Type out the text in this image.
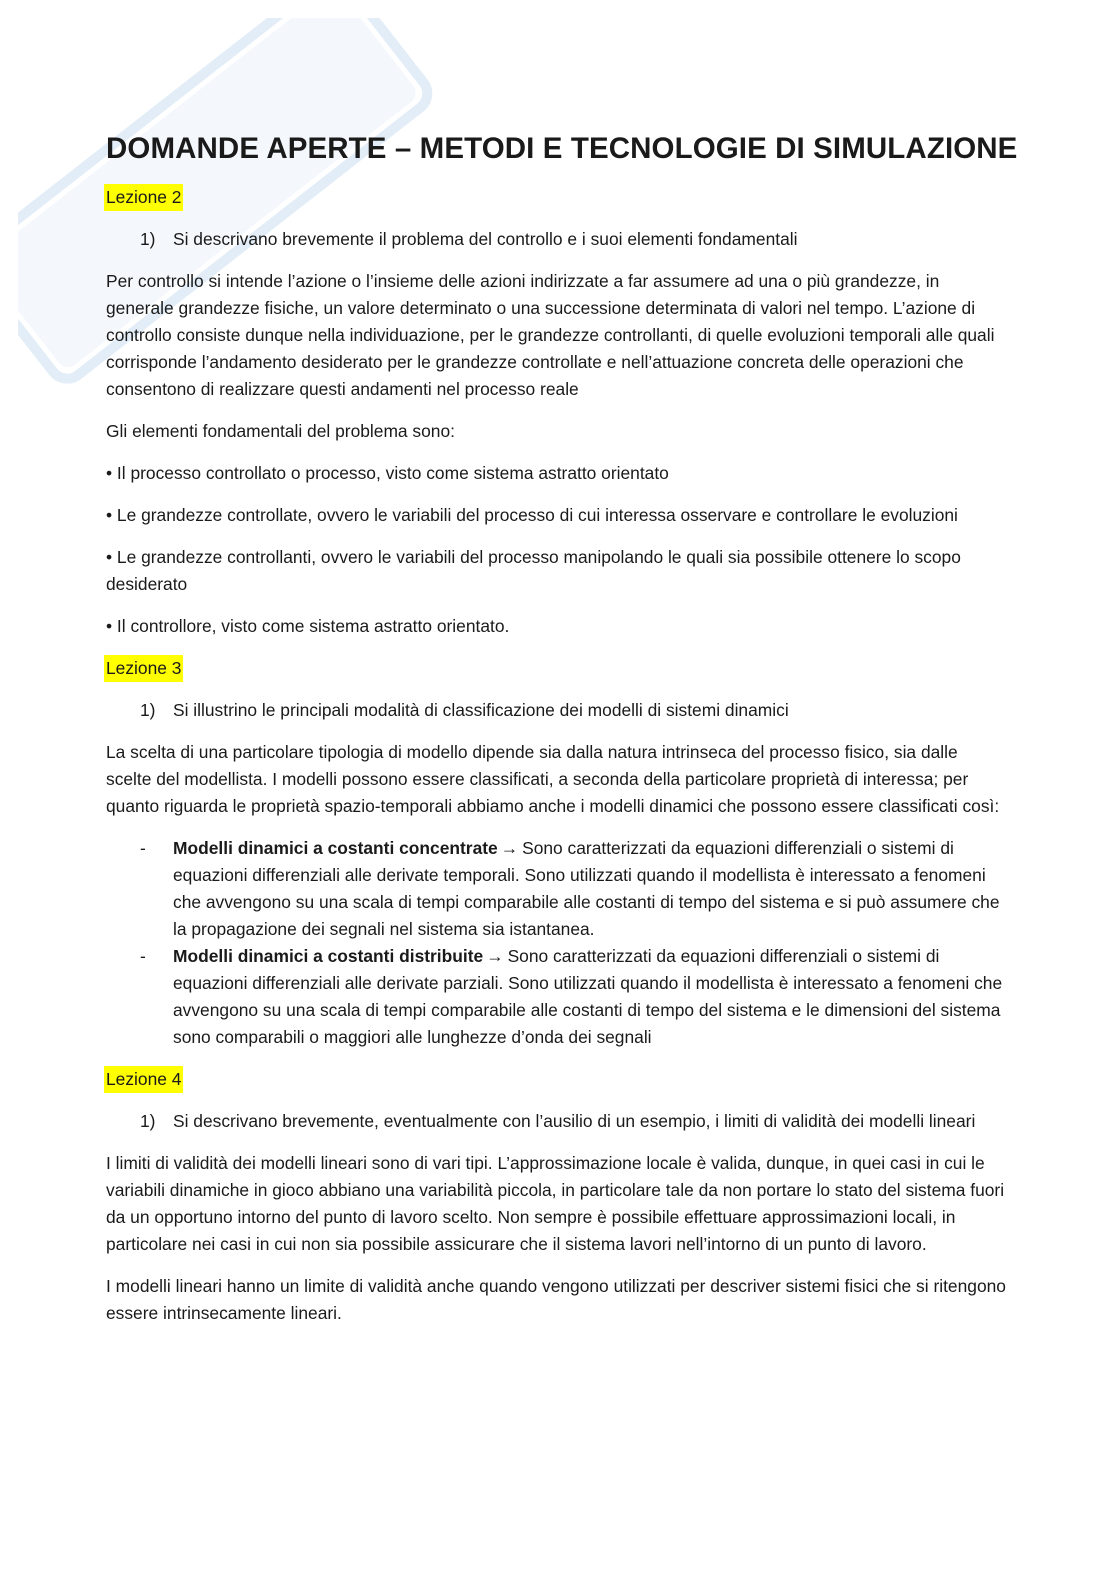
DOMANDE APERTE – METODI E TECNOLOGIE DI SIMULAZIONE
Lezione 2
1)	Si descrivano brevemente il problema del controllo e i suoi elementi fondamentali

Per controllo si intende l’azione o l’insieme delle azioni indirizzate a far assumere ad una o più grandezze, in generale grandezze fisiche, un valore determinato o una successione determinata di valori nel tempo. L’azione di controllo consiste dunque nella individuazione, per le grandezze controllanti, di quelle evoluzioni temporali alle quali corrisponde l’andamento desiderato per le grandezze controllate e nell’attuazione concreta delle operazioni che consentono di realizzare questi andamenti nel processo reale

Gli elementi fondamentali del problema sono:

• Il processo controllato o processo, visto come sistema astratto orientato

• Le grandezze controllate, ovvero le variabili del processo di cui interessa osservare e controllare le evoluzioni

• Le grandezze controllanti, ovvero le variabili del processo manipolando le quali sia possibile ottenere lo scopo desiderato

• Il controllore, visto come sistema astratto orientato.

Lezione 3
1)	Si illustrino le principali modalità di classificazione dei modelli di sistemi dinamici

La scelta di una particolare tipologia di modello dipende sia dalla natura intrinseca del processo fisico, sia dalle scelte del modellista. I modelli possono essere classificati, a seconda della particolare proprietà di interessa; per quanto riguarda le proprietà spazio-temporali abbiamo anche i modelli dinamici che possono essere classificati così:

-	Modelli dinamici a costanti concentrate → Sono caratterizzati da equazioni differenziali o sistemi di equazioni differenziali alle derivate temporali. Sono utilizzati quando il modellista è interessato a fenomeni che avvengono su una scala di tempi comparabile alle costanti di tempo del sistema e si può assumere che la propagazione dei segnali nel sistema sia istantanea.
-	Modelli dinamici a costanti distribuite → Sono caratterizzati da equazioni differenziali o sistemi di equazioni differenziali alle derivate parziali. Sono utilizzati quando il modellista è interessato a fenomeni che avvengono su una scala di tempi comparabile alle costanti di tempo del sistema e le dimensioni del sistema sono comparabili o maggiori alle lunghezze d’onda dei segnali
Lezione 4
1)	Si descrivano brevemente, eventualmente con l’ausilio di un esempio, i limiti di validità dei modelli lineari

I limiti di validità dei modelli lineari sono di vari tipi. L’approssimazione locale è valida, dunque, in quei casi in cui le variabili dinamiche in gioco abbiano una variabilità piccola, in particolare tale da non portare lo stato del sistema fuori da un opportuno intorno del punto di lavoro scelto. Non sempre è possibile effettuare approssimazioni locali, in particolare nei casi in cui non sia possibile assicurare che il sistema lavori nell’intorno di un punto di lavoro.

I modelli lineari hanno un limite di validità anche quando vengono utilizzati per descriver sistemi fisici che si ritengono essere intrinsecamente lineari.
